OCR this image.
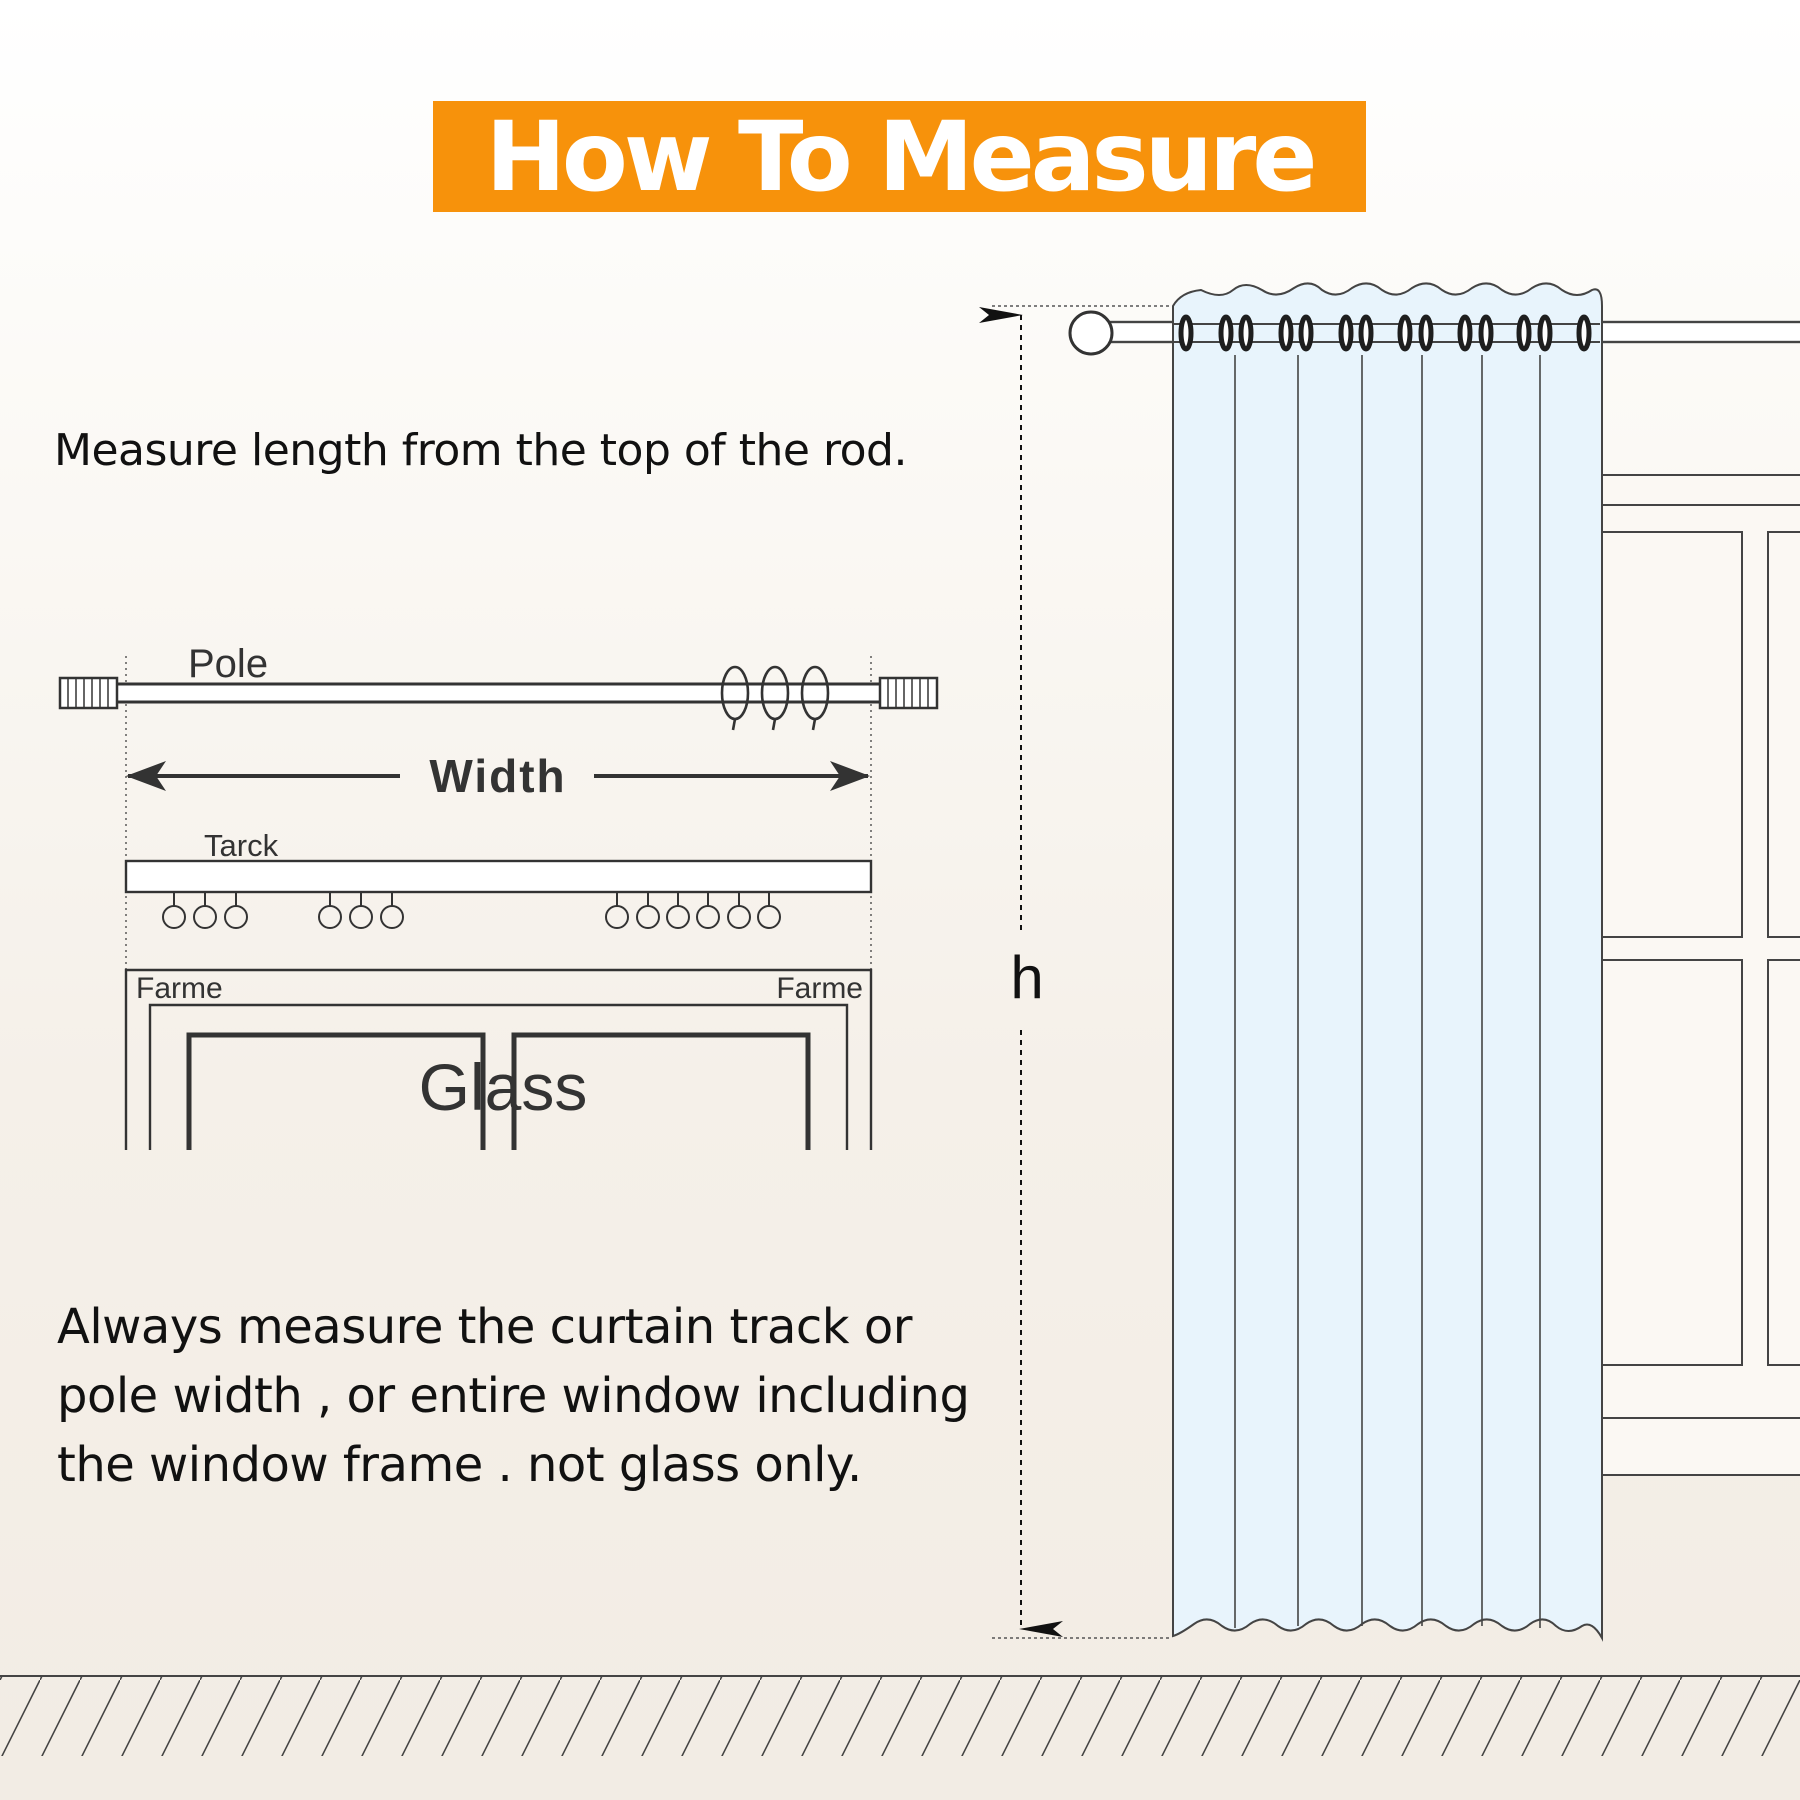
How To Measure

Measure length from the top of the rod.

Always measure the curtain track or pole width , or entire window including the window frame . not glass only.

h
Pole
Width
Tarck
Farme	Farme
Glass
